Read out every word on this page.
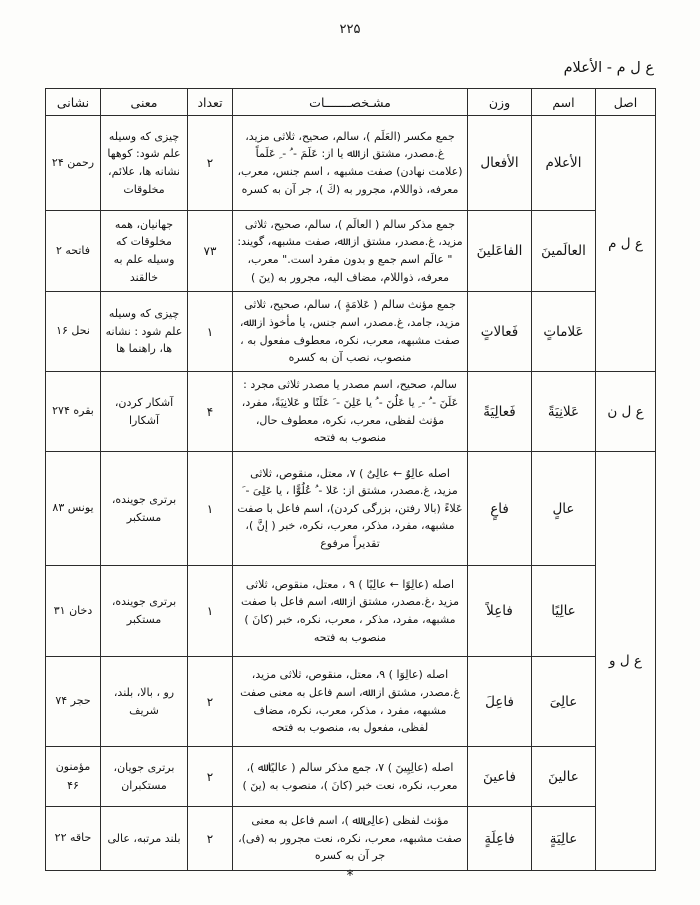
۲۲۵
ع ل م - الأعلام
اصل	اسم	وزن	مشـخصـــــــات	تعداد	معنی	نشانی
ع ل م	الأعلام	الأفعال	جمع مكسر (العَلَم )، سالم، صحيح، ثلاثى مزيد، غ.مصدر، مشتق از: ﷲ يا از: عَلَمَ - ُ - ِ عَلَماً (علامت نهادن) صفت مشبهه ، اسم جنس، معرب، معرفه، ذواللام، مجرور به (كَ )، جر آن به كسره	۲	چيزى كه وسيله علم شود: كوهها نشانه ها، علائم، مخلوقات	رحمن ۲۴
	العالَمينَ	الفاعَلينَ	جمع مذكر سالم ( العالَم )، سالم، صحيح، ثلاثى مزيد، غ.مصدر، مشتق از: ﷲ، صفت مشبهه، گويند: " عالَم اسم جمع و بدون مفرد است." معرب، معرفه، ذواللام، مضاف اليه، مجرور به (ينَ )	۷۳	جهانيان، همه مخلوقات كه وسيله علم به خالقند	فاتحه ۲
	عَلاماتٍ	فَعالاتٍ	جمع مؤنث سالم ( عَلامَةٍ )، سالم، صحيح، ثلاثى مزيد، جامد، غ.مصدر، اسم جنس، يا مأخوذ از: ﷲ، صفت مشبهه، معرب، نكره، معطوف مفعول به ، منصوب، نصب آن به كسره	۱	چيزى كه وسيله علم شود : نشانه ها، راهنما ها	نحل ۱۶
ع ل ن	عَلانِيَةً	فَعالِيَةً	سالم، صحيح، اسم مصدر يا مصدر ثلاثى مجرد : عَلَنَ - ُ - ِ يا عَلُنَ - ُ يا عَلِنَ - َ عَلَنًا و عَلانِيَةً، مفرد، مؤنث لفظى، معرب، نكره، معطوف حال، منصوب به فتحه	۴	آشكار كردن، آشكارا	بقره ۲۷۴
ع ل و	عالٍ	فاعٍ	اصله عالِوٌ ← عالِىٌ ) ٧، معتل، منقوص، ثلاثى مزيد، غ.مصدر، مشتق از: عَلا - ُ عُلُوًّا ، يا عَلِىَ - َ عَلاءً (بالا رفتن، بزرگى كردن)، اسم فاعل با صفت مشبهه، مفرد، مذكر، معرب، نكره، خبر ( إنَّ )، تقديراً مرفوع	۱	برترى جوينده، مستكبر	يونس ۸۳
	عالِيًا	فاعِلاً	اصله (عالِوًا ← عالِيًا ) ٩ ، معتل، منقوص، ثلاثى مزيد ،غ.مصدر، مشتق از: ﷲ، اسم فاعل با صفت مشبهه، مفرد، مذكر ، معرب، نكره، خبر (كانَ ) منصوب به فتحه	۱	برترى جوينده، مستكبر	دخان ۳۱
	عالِىَ	فاعِلَ	اصله (عالِوَا ) ٩، معتل، منقوص، ثلاثى مزيد، غ.مصدر، مشتق از: ﷲ، اسم فاعل به معنى صفت مشبهه، مفرد ، مذكر، معرب، نكره، مضاف لفظى، مفعول به، منصوب به فتحه	۲	رو ، بالا، بلند، شريف	حجر ۷۴
	عالينَ	فاعينَ	اصله (عالِيِينَ ) ٧، جمع مذكر سالم ( عاليًا ﷲ )، معرب، نكره، نعت خبر (كانَ )، منصوب به (ينَ )	۲	برترى جويان، مستكبران	مؤمنون ۴۶
	عالِيَةٍ	فاعِلَةٍ	مؤنث لفظى (عالِى ﷲ )، اسم فاعل به معنى صفت مشبهه، معرب، نكره، نعت مجرور به (فى)، جر آن به كسره	۲	بلند مرتبه، عالى	حاقه ۲۲
*
